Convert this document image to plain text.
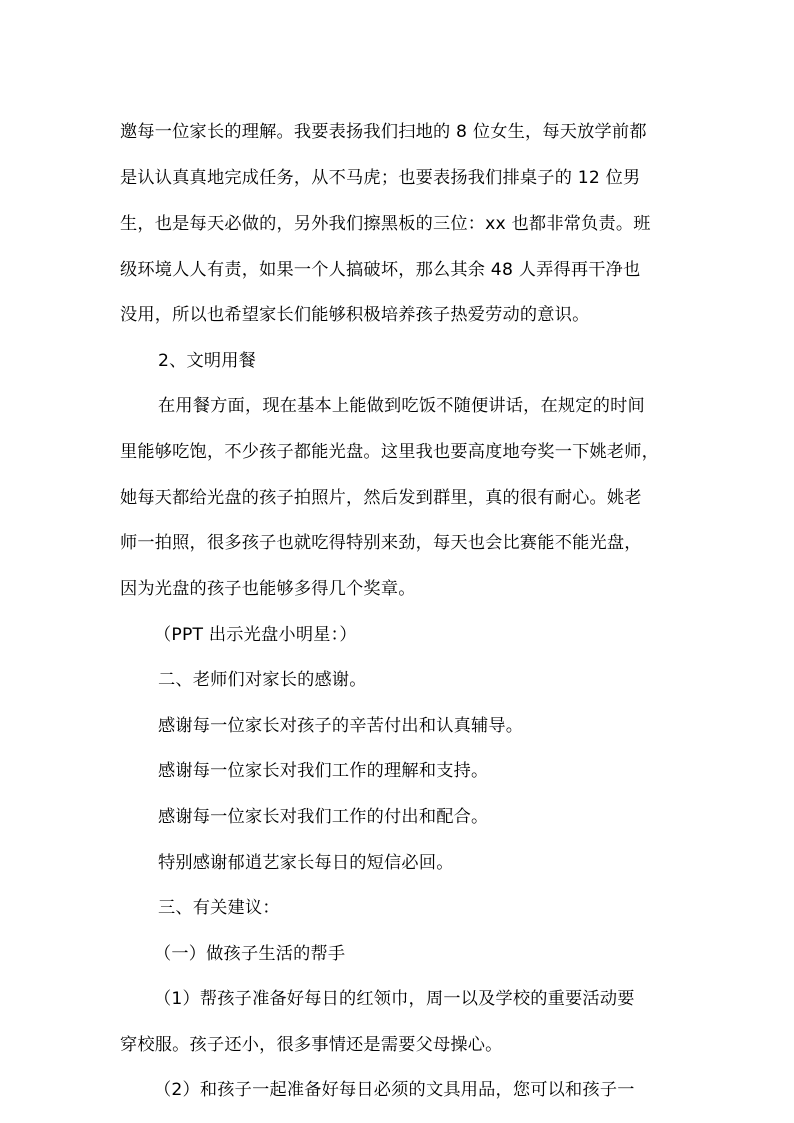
邀每一位家长的理解。我要表扬我们扫地的 8 位女生，每天放学前都
是认认真真地完成任务，从不马虎；也要表扬我们排桌子的 12 位男
生，也是每天必做的，另外我们擦黑板的三位：xx 也都非常负责。班
级环境人人有责，如果一个人搞破坏，那么其余 48 人弄得再干净也
没用，所以也希望家长们能够积极培养孩子热爱劳动的意识。
2、文明用餐
在用餐方面，现在基本上能做到吃饭不随便讲话，在规定的时间
里能够吃饱，不少孩子都能光盘。这里我也要高度地夸奖一下姚老师，
她每天都给光盘的孩子拍照片，然后发到群里，真的很有耐心。姚老
师一拍照，很多孩子也就吃得特别来劲，每天也会比赛能不能光盘，
因为光盘的孩子也能够多得几个奖章。
（PPT 出示光盘小明星：）
二、老师们对家长的感谢。
感谢每一位家长对孩子的辛苦付出和认真辅导。
感谢每一位家长对我们工作的理解和支持。
感谢每一位家长对我们工作的付出和配合。
特别感谢郁逍艺家长每日的短信必回。
三、有关建议：
（一）做孩子生活的帮手
（1）帮孩子准备好每日的红领巾，周一以及学校的重要活动要
穿校服。孩子还小，很多事情还是需要父母操心。
（2）和孩子一起准备好每日必须的文具用品，您可以和孩子一
